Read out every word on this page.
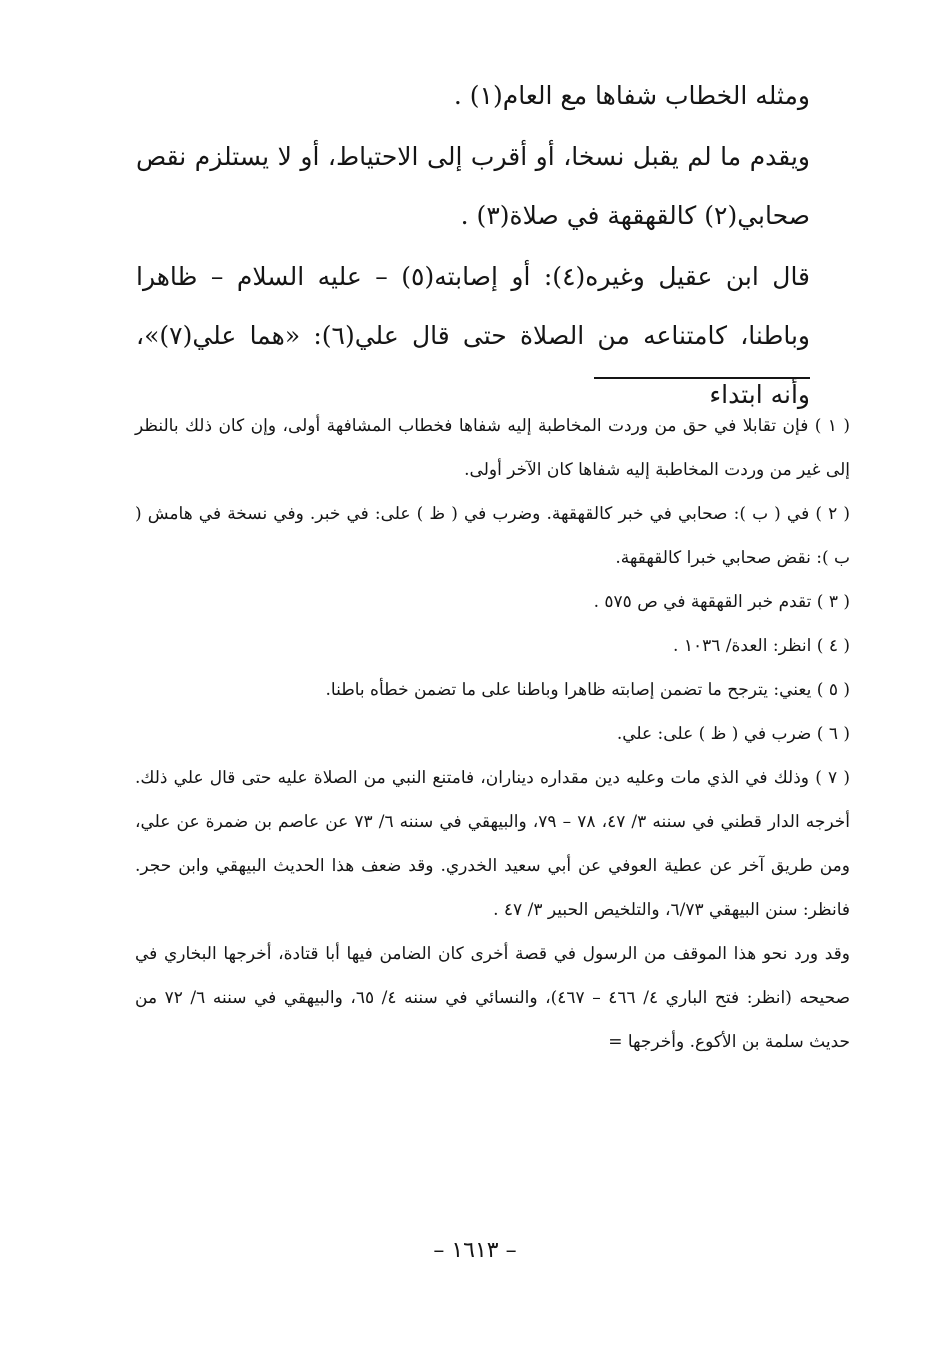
ومثله الخطاب شفاها مع العام(١) .

ويقدم ما لم يقبل نسخا، أو أقرب إلى الاحتياط، أو لا يستلزم نقص صحابي(٢) كالقهقهة في صلاة(٣) .

قال ابن عقيل وغيره(٤): أو إصابته(٥) – عليه السلام – ظاهرا وباطنا، كامتناعه من الصلاة حتى قال علي(٦): «هما علي(٧)»، وأنه ابتداء

( ١ ) فإن تقابلا في حق من وردت المخاطبة إليه شفاها فخطاب المشافهة أولى، وإن كان ذلك بالنظر إلى غير من وردت المخاطبة إليه شفاها كان الآخر أولى.

( ٢ ) في ( ب ): صحابي في خبر كالقهقهة. وضرب في ( ظ ) على: في خبر. وفي نسخة في هامش ( ب ): نقض صحابي خبرا كالقهقهة.

( ٣ ) تقدم خبر القهقهة في ص ٥٧٥ .

( ٤ ) انظر: العدة/ ١٠٣٦ .

( ٥ ) يعني: يترجح ما تضمن إصابته ظاهرا وباطنا على ما تضمن خطأه باطنا.

( ٦ ) ضرب في ( ظ ) على: علي.

( ٧ ) وذلك في الذي مات وعليه دين مقداره ديناران، فامتنع النبي من الصلاة عليه حتى قال علي ذلك. أخرجه الدار قطني في سننه ٣/ ٤٧، ٧٨ – ٧٩، والبيهقي في سننه ٦/ ٧٣ عن عاصم بن ضمرة عن علي، ومن طريق آخر عن عطية العوفي عن أبي سعيد الخدري. وقد ضعف هذا الحديث البيهقي وابن حجر. فانظر: سنن البيهقي ٦/٧٣، والتلخيص الحبير ٣/ ٤٧ .

وقد ورد نحو هذا الموقف من الرسول في قصة أخرى كان الضامن فيها أبا قتادة، أخرجها البخاري في صحيحه (انظر: فتح الباري ٤/ ٤٦٦ – ٤٦٧)، والنسائي في سننه ٤/ ٦٥، والبيهقي في سننه ٦/ ٧٢ من حديث سلمة بن الأكوع. وأخرجها =

– ١٦١٣ –
